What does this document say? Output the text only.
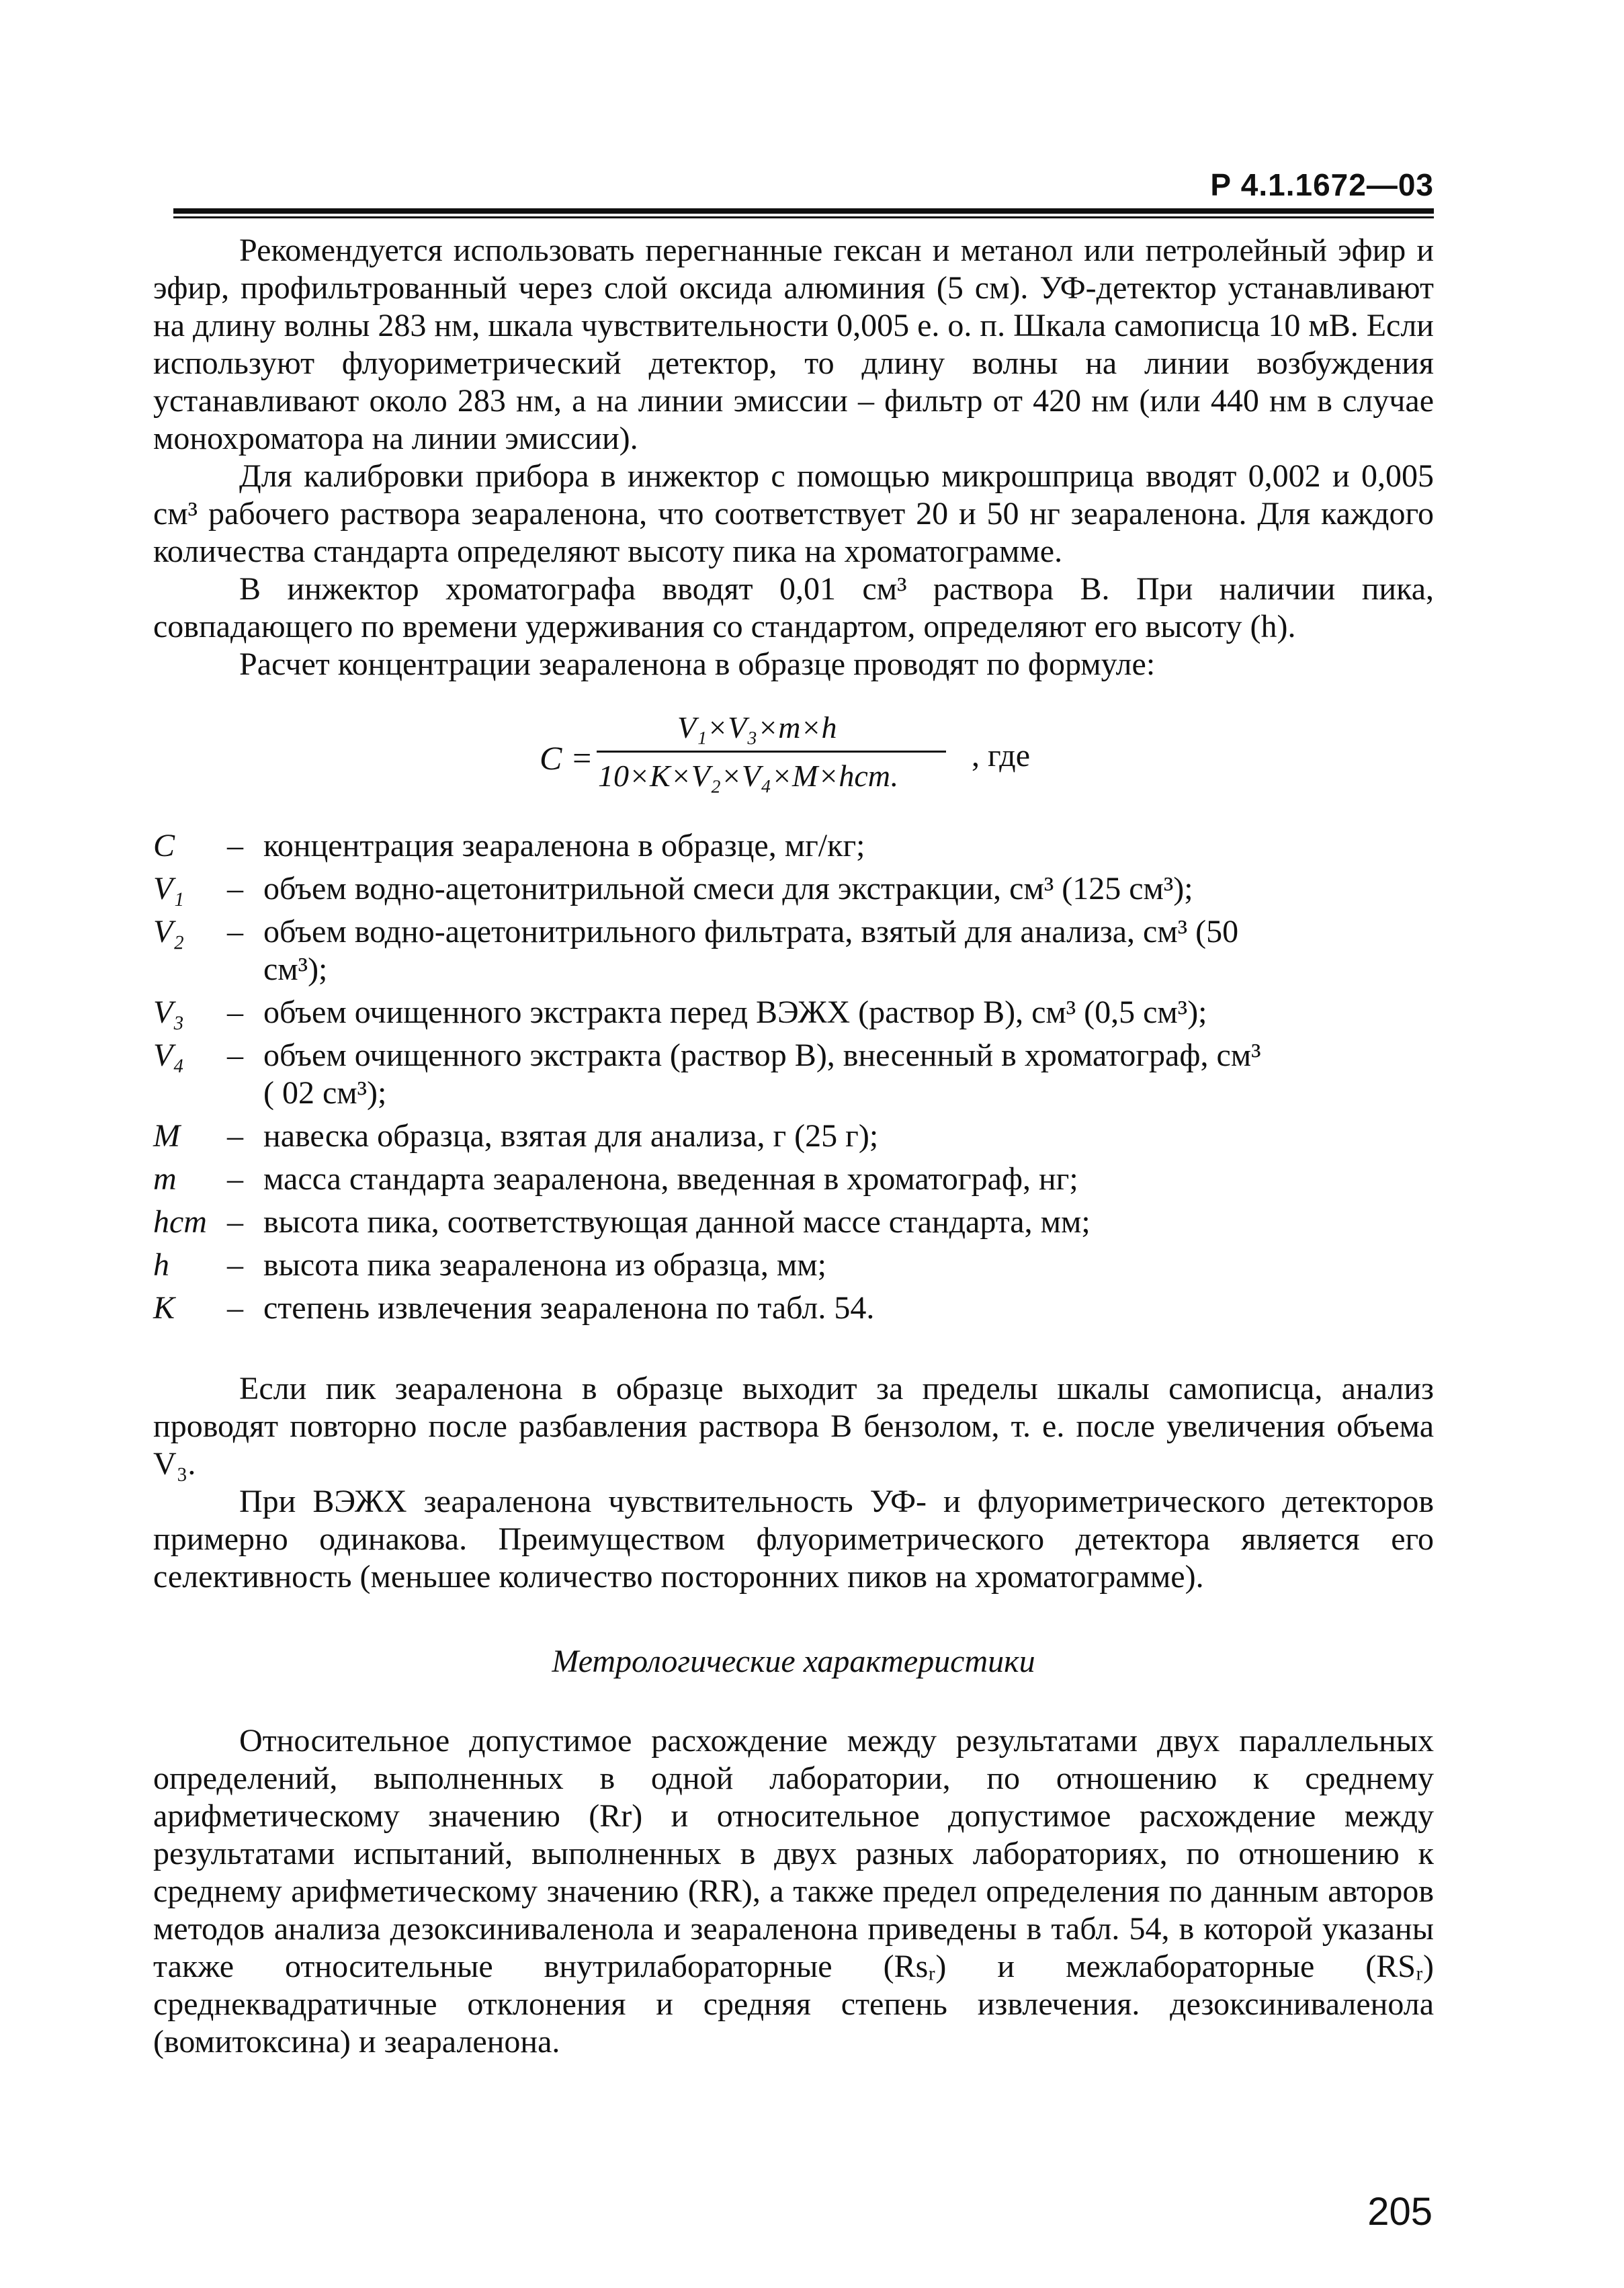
Р 4.1.1672—03

Рекомендуется использовать перегнанные гексан и метанол или петролейный эфир и эфир, профильтрованный через слой оксида алюминия (5 см). УФ-детектор устанавливают на длину волны 283 нм, шкала чувствительности 0,005 е. о. п. Шкала самописца 10 мВ. Если используют флуориметрический детектор, то длину волны на линии возбуждения устанавливают около 283 нм, а на линии эмиссии – фильтр от 420 нм (или 440 нм в случае монохроматора на линии эмиссии).

Для калибровки прибора в инжектор с помощью микрошприца вводят 0,002 и 0,005 см³ рабочего раствора зеараленона, что соответствует 20 и 50 нг зеараленона. Для каждого количества стандарта определяют высоту пика на хроматограмме.

В инжектор хроматографа вводят 0,01 см³ раствора В. При наличии пика, совпадающего по времени удерживания со стандартом, определяют его высоту (h).

Расчет концентрации зеараленона в образце проводят по формуле:

C =
V₁×V₃×m×h
10×K×V₂×V₄×M×hcт.
, где
C	– концентрация зеараленона в образце, мг/кг;
V₁	– объем водно-ацетонитрильной смеси для экстракции, см³ (125 см³);
V₂	– объем водно-ацетонитрильного фильтрата, взятый для анализа, см³ (50 см³);
V₃	– объем очищенного экстракта перед ВЭЖХ (раствор В), см³ (0,5 см³);
V₄	– объем очищенного экстракта (раствор В), внесенный в хроматограф, см³ ( 02 см³);
M	– навеска образца, взятая для анализа, г (25 г);
m	– масса стандарта зеараленона, введенная в хроматограф, нг;
hcт – высота пика, соответствующая данной массе стандарта, мм;
h	– высота пика зеараленона из образца, мм;
K	– степень извлечения зеараленона по табл. 54.

Если пик зеараленона в образце выходит за пределы шкалы самописца, анализ проводят повторно после разбавления раствора В бензолом, т. е. после увеличения объема V₃.

При ВЭЖХ зеараленона чувствительность УФ- и флуориметрического детекторов примерно одинакова. Преимуществом флуориметрического детектора является его селективность (меньшее количество посторонних пиков на хроматограмме).

Метрологические характеристики

Относительное допустимое расхождение между результатами двух параллельных определений, выполненных в одной лаборатории, по отношению к среднему арифметическому значению (Rr) и относительное допустимое расхождение между результатами испытаний, выполненных в двух разных лабораториях, по отношению к среднему арифметическому значению (RR), а также предел определения по данным авторов методов анализа дезоксиниваленола и зеараленона приведены в табл. 54, в которой указаны также относительные внутрилабораторные (Rsᵣ) и межлабораторные (RSᵣ) среднеквадратичные отклонения и средняя степень извлечения. дезоксиниваленола (вомитоксина) и зеараленона.

205
